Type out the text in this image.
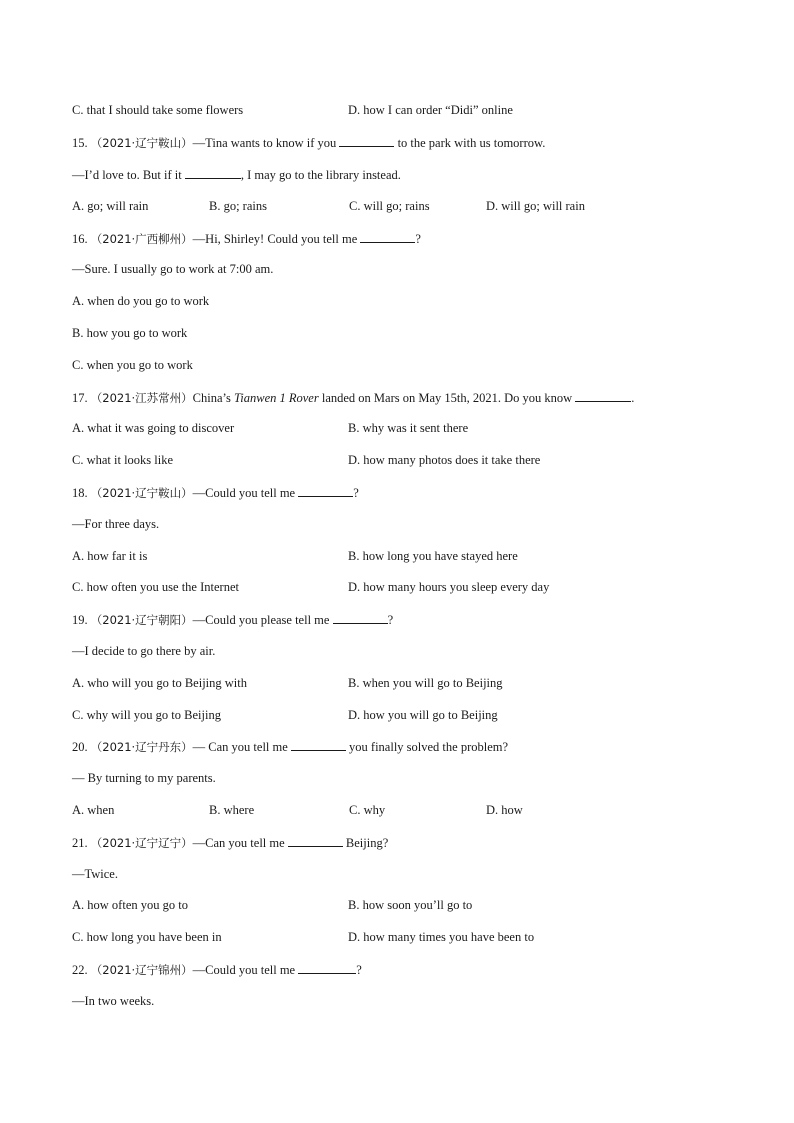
C. that I should take some flowers	D. how I can order “Didi” online
15. （2021·辽宁鞍山）—Tina wants to know if you	to the park with us tomorrow.
—I’d love to. But if it	, I may go to the library instead.
A. go; will rain	B. go; rains	C. will go; rains	D. will go; will rain
16. （2021·广西柳州）—Hi, Shirley! Could you tell me	?
—Sure. I usually go to work at 7:00 am.
A. when do you go to work
B. how you go to work
C. when you go to work
17. （2021·江苏常州）China’s Tianwen 1 Rover landed on Mars on May 15th, 2021. Do you know	.
A. what it was going to discover	B. why was it sent there
C. what it looks like	D. how many photos does it take there
18. （2021·辽宁鞍山）—Could you tell me	?
—For three days.
A. how far it is	B. how long you have stayed here
C. how often you use the Internet	D. how many hours you sleep every day
19. （2021·辽宁朝阳）—Could you please tell me	?
—I decide to go there by air.
A. who will you go to Beijing with	B. when you will go to Beijing
C. why will you go to Beijing	D. how you will go to Beijing
20. （2021·辽宁丹东）— Can you tell me	you finally solved the problem?
— By turning to my parents.
A. when	B. where	C. why	D. how
21. （2021·辽宁辽宁）—Can you tell me	Beijing?
—Twice.
A. how often you go to	B. how soon you’ll go to
C. how long you have been in	D. how many times you have been to
22. （2021·辽宁锦州）—Could you tell me	?
—In two weeks.
